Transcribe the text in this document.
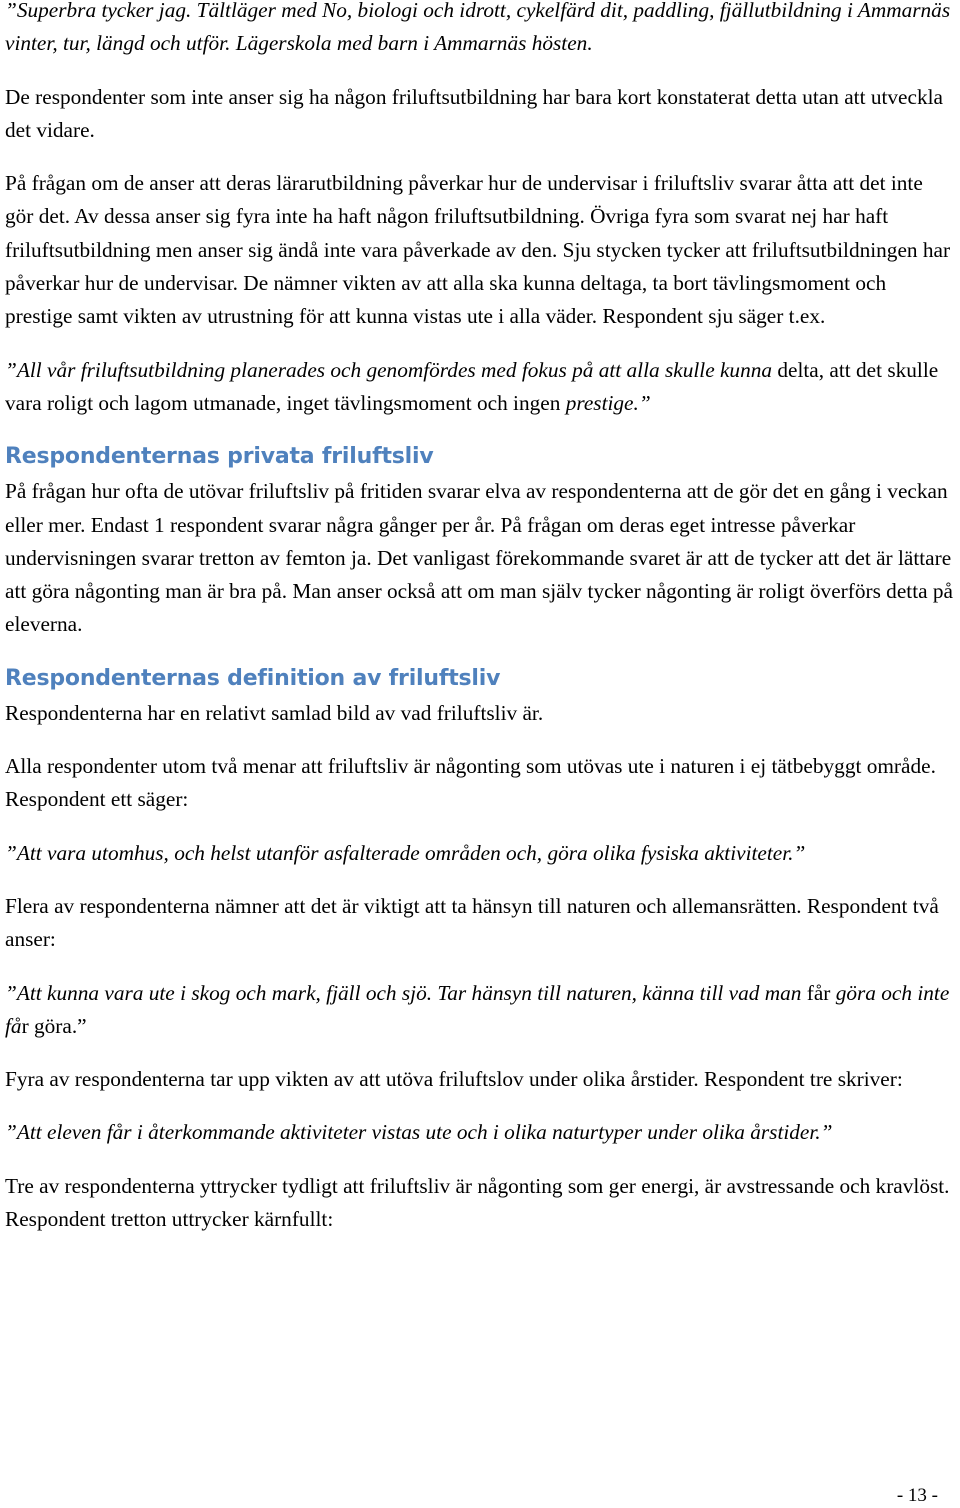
”Superbra tycker jag. Tältläger med No, biologi och idrott, cykelfärd dit, paddling, fjällutbildning i Ammarnäs vinter, tur, längd och utför. Lägerskola med barn i Ammarnäs hösten.

De respondenter som inte anser sig ha någon friluftsutbildning har bara kort konstaterat detta utan att utveckla det vidare.

På frågan om de anser att deras lärarutbildning påverkar hur de undervisar i friluftsliv svarar åtta att det inte gör det. Av dessa anser sig fyra inte ha haft någon friluftsutbildning. Övriga fyra som svarat nej har haft friluftsutbildning men anser sig ändå inte vara påverkade av den. Sju stycken tycker att friluftsutbildningen har påverkar hur de undervisar. De nämner vikten av att alla ska kunna deltaga, ta bort tävlingsmoment och prestige samt vikten av utrustning för att kunna vistas ute i alla väder. Respondent sju säger t.ex.

”All vår friluftsutbildning planerades och genomfördes med fokus på att alla skulle kunna delta, att det skulle vara roligt och lagom utmanade, inget tävlingsmoment och ingen prestige.”

Respondenternas privata friluftsliv

På frågan hur ofta de utövar friluftsliv på fritiden svarar elva av respondenterna att de gör det en gång i veckan eller mer. Endast 1 respondent svarar några gånger per år. På frågan om deras eget intresse påverkar undervisningen svarar tretton av femton ja. Det vanligast förekommande svaret är att de tycker att det är lättare att göra någonting man är bra på. Man anser också att om man själv tycker någonting är roligt överförs detta på eleverna.

Respondenternas definition av friluftsliv

Respondenterna har en relativt samlad bild av vad friluftsliv är.

Alla respondenter utom två menar att friluftsliv är någonting som utövas ute i naturen i ej tätbebyggt område. Respondent ett säger:

”Att vara utomhus, och helst utanför asfalterade områden och, göra olika fysiska aktiviteter.”

Flera av respondenterna nämner att det är viktigt att ta hänsyn till naturen och allemansrätten. Respondent två anser:

”Att kunna vara ute i skog och mark, fjäll och sjö. Tar hänsyn till naturen, känna till vad man får göra och inte får göra.”

Fyra av respondenterna tar upp vikten av att utöva friluftslov under olika årstider. Respondent tre skriver:

”Att eleven får i återkommande aktiviteter vistas ute och i olika naturtyper under olika årstider.”

Tre av respondenterna yttrycker tydligt att friluftsliv är någonting som ger energi, är avstressande och kravlöst. Respondent tretton uttrycker kärnfullt:

- 13 -
